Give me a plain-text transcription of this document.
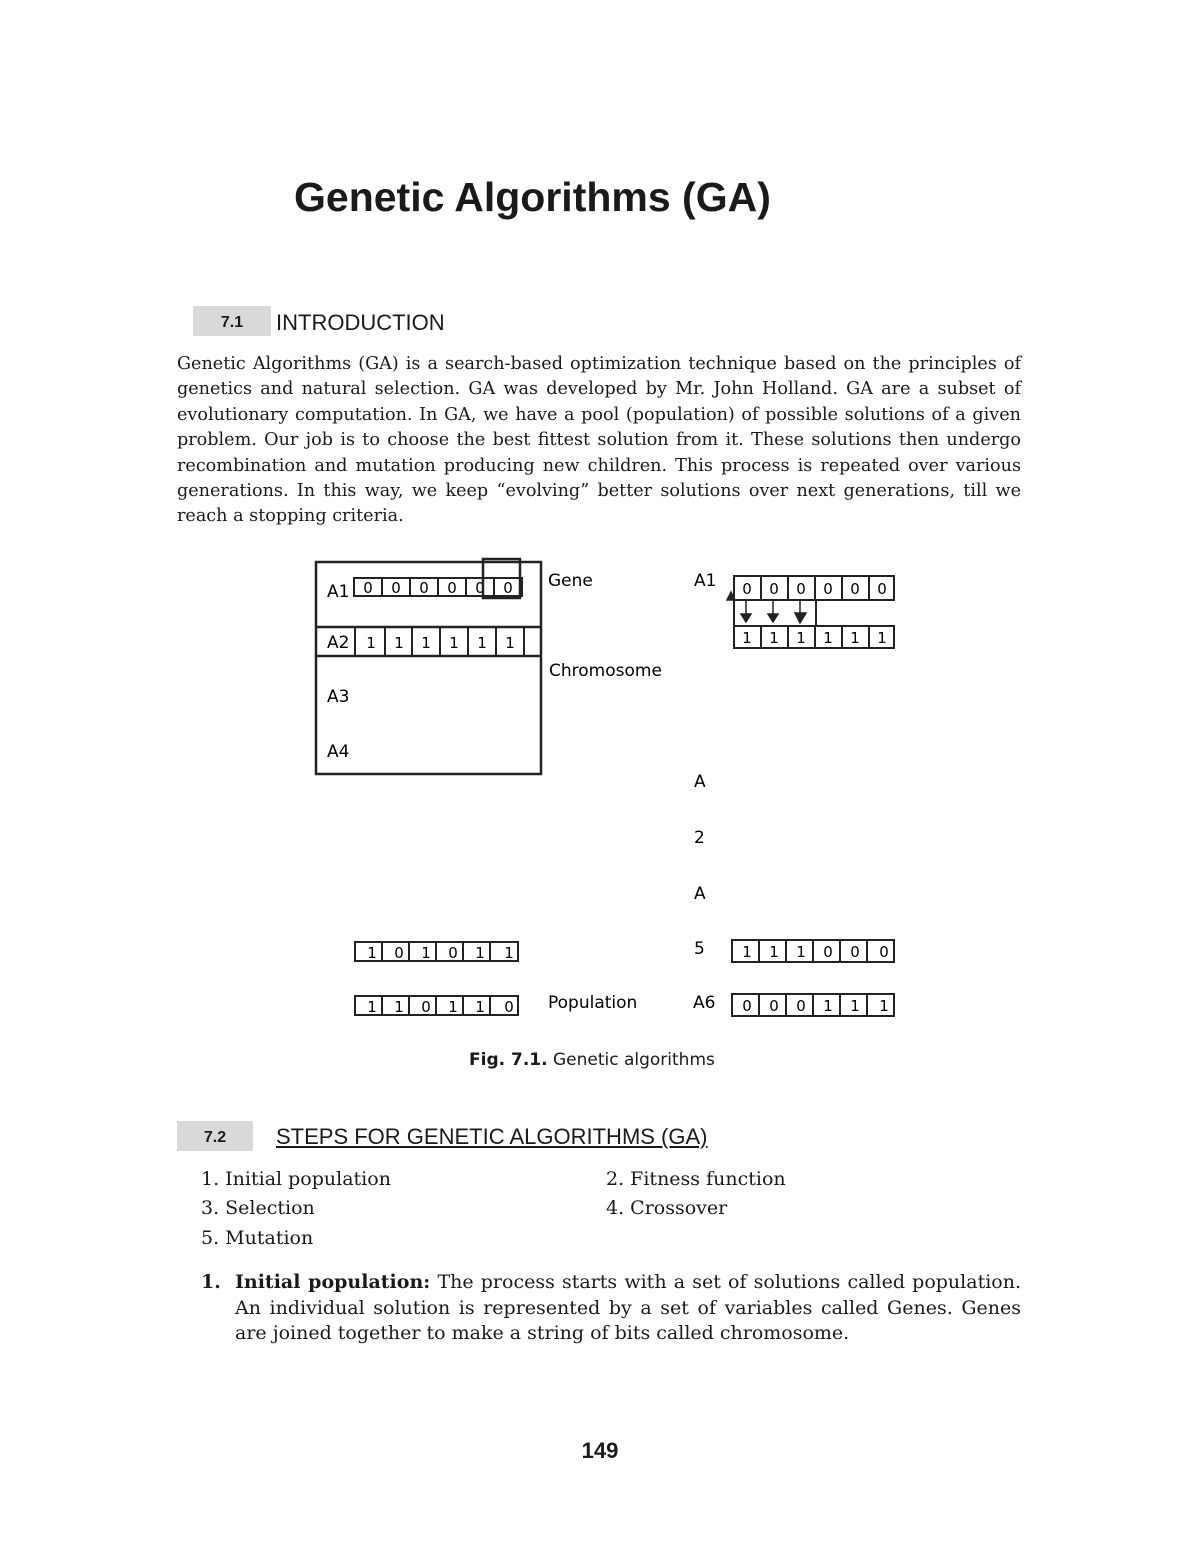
Genetic Algorithms (GA)
7.1	INTRODUCTION
Genetic Algorithms (GA) is a search-based optimization technique based on the principles of genetics and natural selection. GA was developed by Mr. John Holland. GA are a subset of evolutionary computation. In GA, we have a pool (population) of possible solutions of a given problem. Our job is to choose the best fittest solution from it. These solutions then undergo recombination and mutation producing new children. This process is repeated over various generations. In this way, we keep “evolving” better solutions over next generations, till we reach a stopping criteria.
A1 0 0 0 0 0 0
A2 1 1 1 1 1 1
A3
A4
Gene
Chromosome
Population
1 0 1 0 1 1
1 1 0 1 1 0
A1 0 0 0 0 0 0
1 1 1 1 1 1
A
2
A
5 1 1 1 0 0 0
A6 0 0 0 1 1 1
Fig. 7.1. Genetic algorithms
7.2	STEPS FOR GENETIC ALGORITHMS (GA)
1. Initial population	2. Fitness function
3. Selection	4. Crossover
5. Mutation
1. Initial population: The process starts with a set of solutions called population. An individual solution is represented by a set of variables called Genes. Genes are joined together to make a string of bits called chromosome.
149
